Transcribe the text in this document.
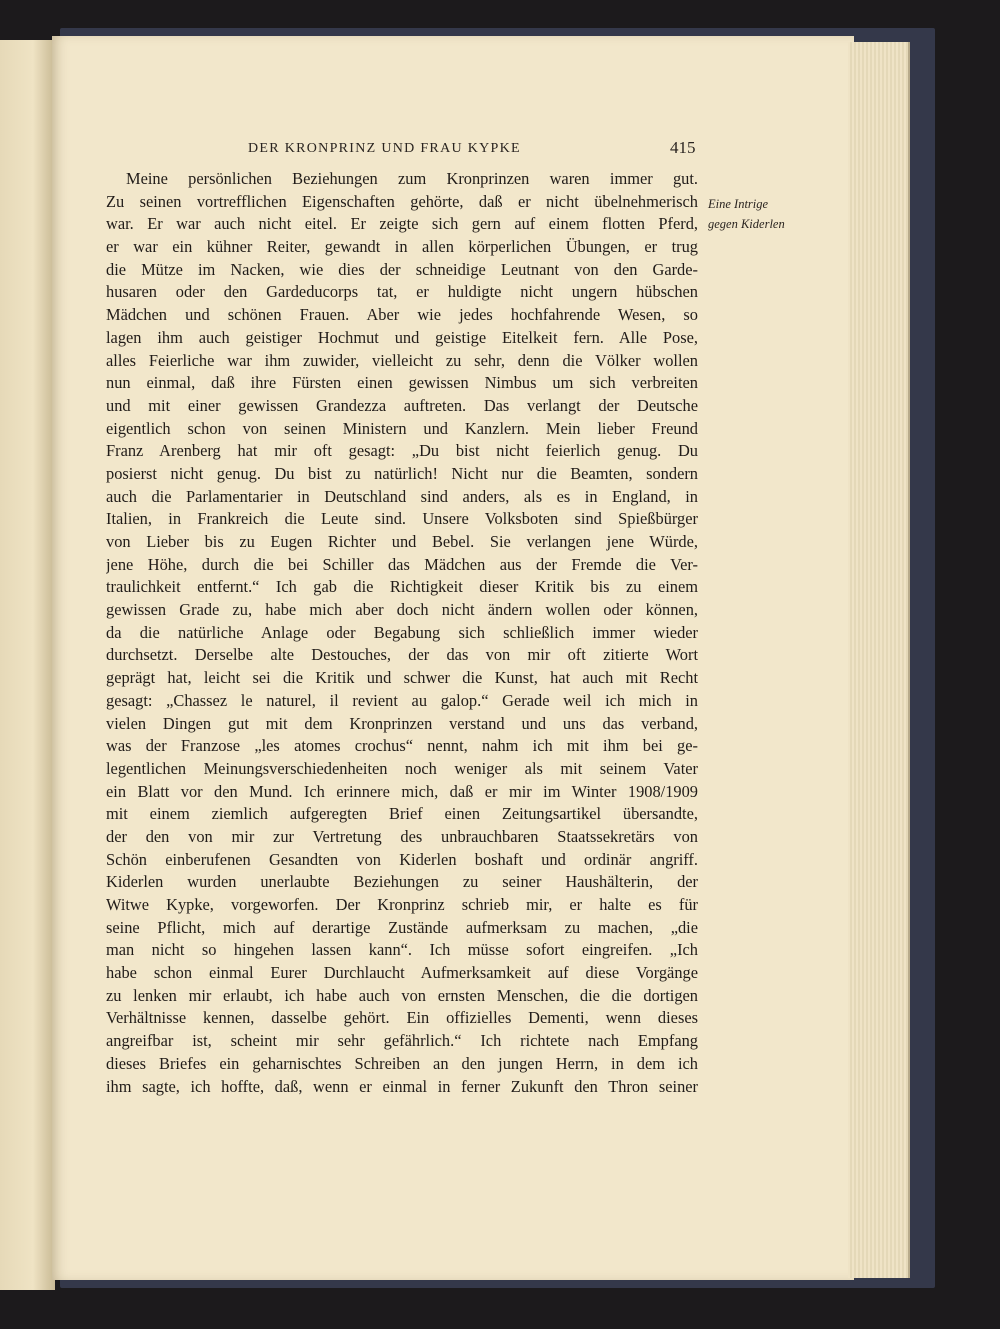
DER KRONPRINZ UND FRAU KYPKE	415
Eine Intrige
gegen Kiderlen
Meine persönlichen Beziehungen zum Kronprinzen waren immer gut.
Zu seinen vortrefflichen Eigenschaften gehörte, daß er nicht übelnehmerisch
war. Er war auch nicht eitel. Er zeigte sich gern auf einem flotten Pferd,
er war ein kühner Reiter, gewandt in allen körperlichen Übungen, er trug
die Mütze im Nacken, wie dies der schneidige Leutnant von den Garde-
husaren oder den Gardeducorps tat, er huldigte nicht ungern hübschen
Mädchen und schönen Frauen. Aber wie jedes hochfahrende Wesen, so
lagen ihm auch geistiger Hochmut und geistige Eitelkeit fern. Alle Pose,
alles Feierliche war ihm zuwider, vielleicht zu sehr, denn die Völker wollen
nun einmal, daß ihre Fürsten einen gewissen Nimbus um sich verbreiten
und mit einer gewissen Grandezza auftreten. Das verlangt der Deutsche
eigentlich schon von seinen Ministern und Kanzlern. Mein lieber Freund
Franz Arenberg hat mir oft gesagt: „Du bist nicht feierlich genug. Du
posierst nicht genug. Du bist zu natürlich! Nicht nur die Beamten, sondern
auch die Parlamentarier in Deutschland sind anders, als es in England, in
Italien, in Frankreich die Leute sind. Unsere Volksboten sind Spießbürger
von Lieber bis zu Eugen Richter und Bebel. Sie verlangen jene Würde,
jene Höhe, durch die bei Schiller das Mädchen aus der Fremde die Ver-
traulichkeit entfernt.“ Ich gab die Richtigkeit dieser Kritik bis zu einem
gewissen Grade zu, habe mich aber doch nicht ändern wollen oder können,
da die natürliche Anlage oder Begabung sich schließlich immer wieder
durchsetzt. Derselbe alte Destouches, der das von mir oft zitierte Wort
geprägt hat, leicht sei die Kritik und schwer die Kunst, hat auch mit Recht
gesagt: „Chassez le naturel, il revient au galop.“ Gerade weil ich mich in
vielen Dingen gut mit dem Kronprinzen verstand und uns das verband,
was der Franzose „les atomes crochus“ nennt, nahm ich mit ihm bei ge-
legentlichen Meinungsverschiedenheiten noch weniger als mit seinem Vater
ein Blatt vor den Mund. Ich erinnere mich, daß er mir im Winter 1908/1909
mit einem ziemlich aufgeregten Brief einen Zeitungsartikel übersandte,
der den von mir zur Vertretung des unbrauchbaren Staatssekretärs von
Schön einberufenen Gesandten von Kiderlen boshaft und ordinär angriff.
Kiderlen wurden unerlaubte Beziehungen zu seiner Haushälterin, der
Witwe Kypke, vorgeworfen. Der Kronprinz schrieb mir, er halte es für
seine Pflicht, mich auf derartige Zustände aufmerksam zu machen, „die
man nicht so hingehen lassen kann“. Ich müsse sofort eingreifen. „Ich
habe schon einmal Eurer Durchlaucht Aufmerksamkeit auf diese Vorgänge
zu lenken mir erlaubt, ich habe auch von ernsten Menschen, die die dortigen
Verhältnisse kennen, dasselbe gehört. Ein offizielles Dementi, wenn dieses
angreifbar ist, scheint mir sehr gefährlich.“ Ich richtete nach Empfang
dieses Briefes ein geharnischtes Schreiben an den jungen Herrn, in dem ich
ihm sagte, ich hoffte, daß, wenn er einmal in ferner Zukunft den Thron seiner
